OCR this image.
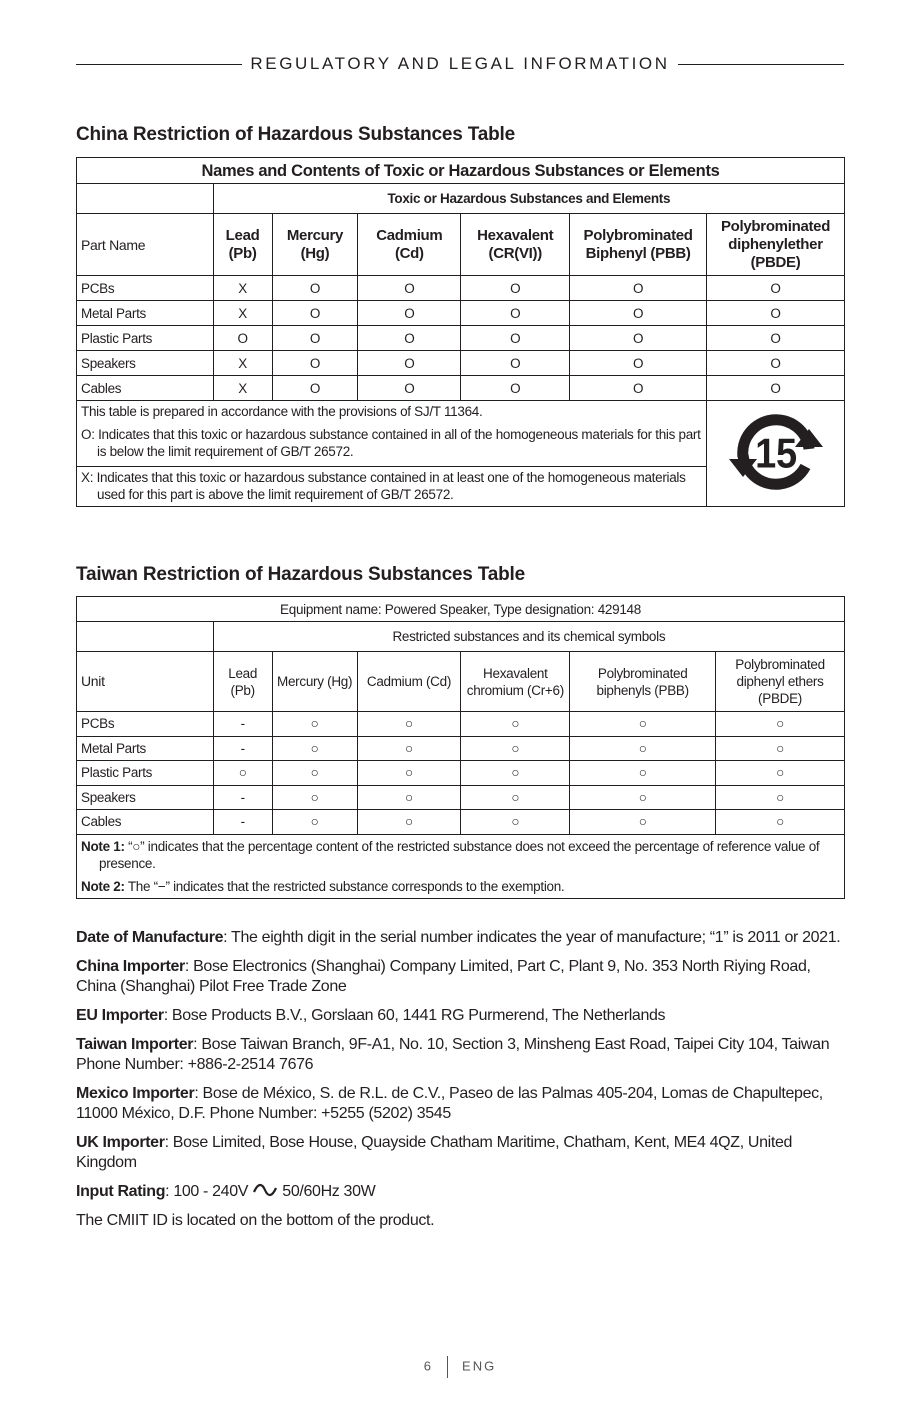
REGULATORY AND LEGAL INFORMATION
China Restriction of Hazardous Substances Table
Names and Contents of Toxic or Hazardous Substances or Elements						
	Toxic or Hazardous Substances and Elements					
Part Name	Lead (Pb)	Mercury (Hg)	Cadmium (Cd)	Hexavalent (CR(VI))	Polybrominated Biphenyl (PBB)	Polybrominated diphenylether (PBDE)
PCBs	X	O	O	O	O	O
Metal Parts	X	O	O	O	O	O
Plastic Parts	O	O	O	O	O	O
Speakers	X	O	O	O	O	O
Cables	X	O	O	O	O	O

This table is prepared in accordance with the provisions of SJ/T 11364.
O: Indicates that this toxic or hazardous substance contained in all of the homogeneous materials for this part is below the limit requirement of GB/T 26572.
X: Indicates that this toxic or hazardous substance contained in at least one of the homogeneous materials used for this part is above the limit requirement of GB/T 26572.						15
Taiwan Restriction of Hazardous Substances Table
Equipment name: Powered Speaker, Type designation: 429148						
	Restricted substances and its chemical symbols					
Unit	Lead (Pb)	Mercury (Hg)	Cadmium (Cd)	Hexavalent chromium (Cr+6)	Polybrominated biphenyls (PBB)	Polybrominated diphenyl ethers (PBDE)
PCBs	-	○	○	○	○	○
Metal Parts	-	○	○	○	○	○
Plastic Parts	○	○	○	○	○	○
Speakers	-	○	○	○	○	○
Cables	-	○	○	○	○	○

Note 1: “○” indicates that the percentage content of the restricted substance does not exceed the percentage of reference value of presence.

Note 2: The “−” indicates that the restricted substance corresponds to the exemption.						

Date of Manufacture: The eighth digit in the serial number indicates the year of manufacture; “1” is 2011 or 2021.

China Importer: Bose Electronics (Shanghai) Company Limited, Part C, Plant 9, No. 353 North Riying Road, China (Shanghai) Pilot Free Trade Zone

EU Importer: Bose Products B.V., Gorslaan 60, 1441 RG Purmerend, The Netherlands

Taiwan Importer: Bose Taiwan Branch, 9F-A1, No. 10, Section 3, Minsheng East Road, Taipei City 104, Taiwan Phone Number: +886-2-2514 7676

Mexico Importer: Bose de México, S. de R.L. de C.V., Paseo de las Palmas 405-204, Lomas de Chapultepec, 11000 México, D.F. Phone Number: +5255 (5202) 3545

UK Importer: Bose Limited, Bose House, Quayside Chatham Maritime, Chatham, Kent, ME4 4QZ, United Kingdom

Input Rating: 100 - 240V  50/60Hz 30W

The CMIIT ID is located on the bottom of the product.

6 ENG
